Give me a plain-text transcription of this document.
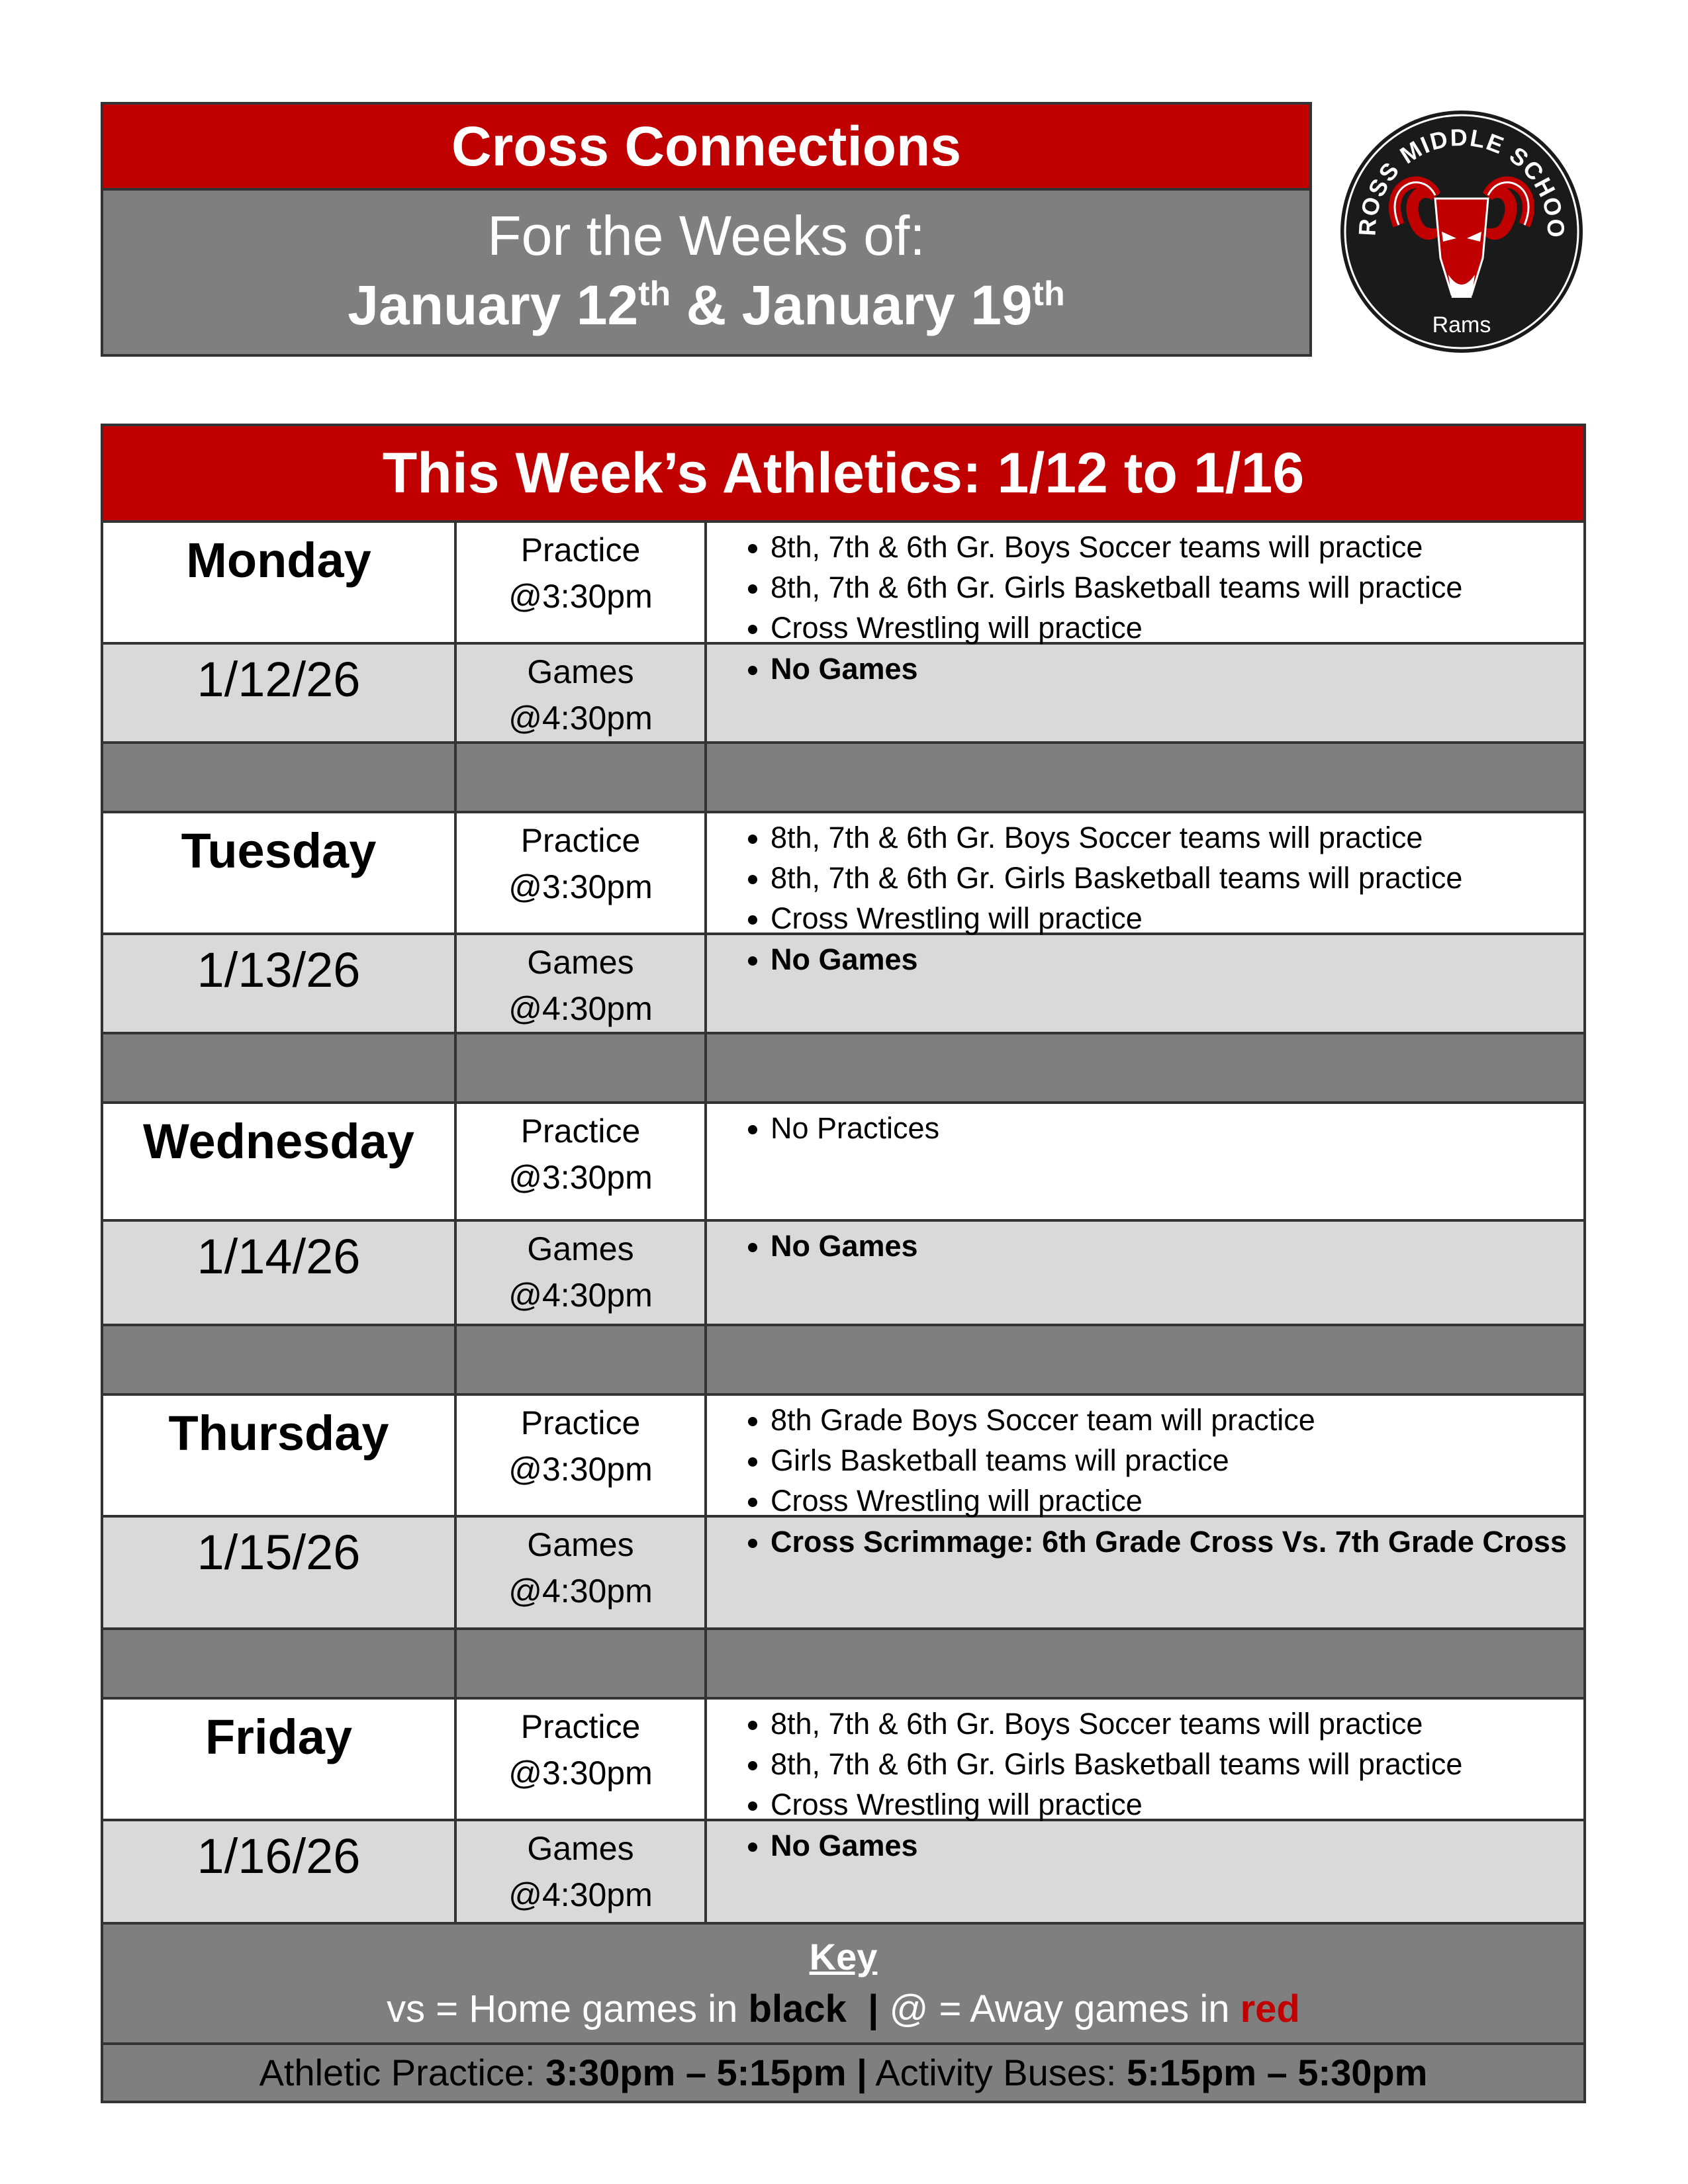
Cross Connections
For the Weeks of:
January 12th & January 19th
ROSS MIDDLE SCHOO
Rams
This Week’s Athletics: 1/12 to 1/16
Monday	Practice
@3:30pm
• 8th, 7th & 6th Gr. Boys Soccer teams will practice
• 8th, 7th & 6th Gr. Girls Basketball teams will practice
• Cross Wrestling will practice
1/12/26	Games
@4:30pm
• No Games
Tuesday	Practice
@3:30pm
• 8th, 7th & 6th Gr. Boys Soccer teams will practice
• 8th, 7th & 6th Gr. Girls Basketball teams will practice
• Cross Wrestling will practice
1/13/26	Games
@4:30pm
• No Games
Wednesday	Practice
@3:30pm
• No Practices
1/14/26	Games
@4:30pm
• No Games
Thursday	Practice
@3:30pm
• 8th Grade Boys Soccer team will practice
• Girls Basketball teams will practice
• Cross Wrestling will practice
1/15/26	Games
@4:30pm
• Cross Scrimmage: 6th Grade Cross Vs. 7th Grade Cross
Friday	Practice
@3:30pm
• 8th, 7th & 6th Gr. Boys Soccer teams will practice
• 8th, 7th & 6th Gr. Girls Basketball teams will practice
• Cross Wrestling will practice
1/16/26	Games
@4:30pm
• No Games
Key
vs = Home games in black | @ = Away games in red
Athletic Practice: 3:30pm – 5:15pm | Activity Buses: 5:15pm – 5:30pm
